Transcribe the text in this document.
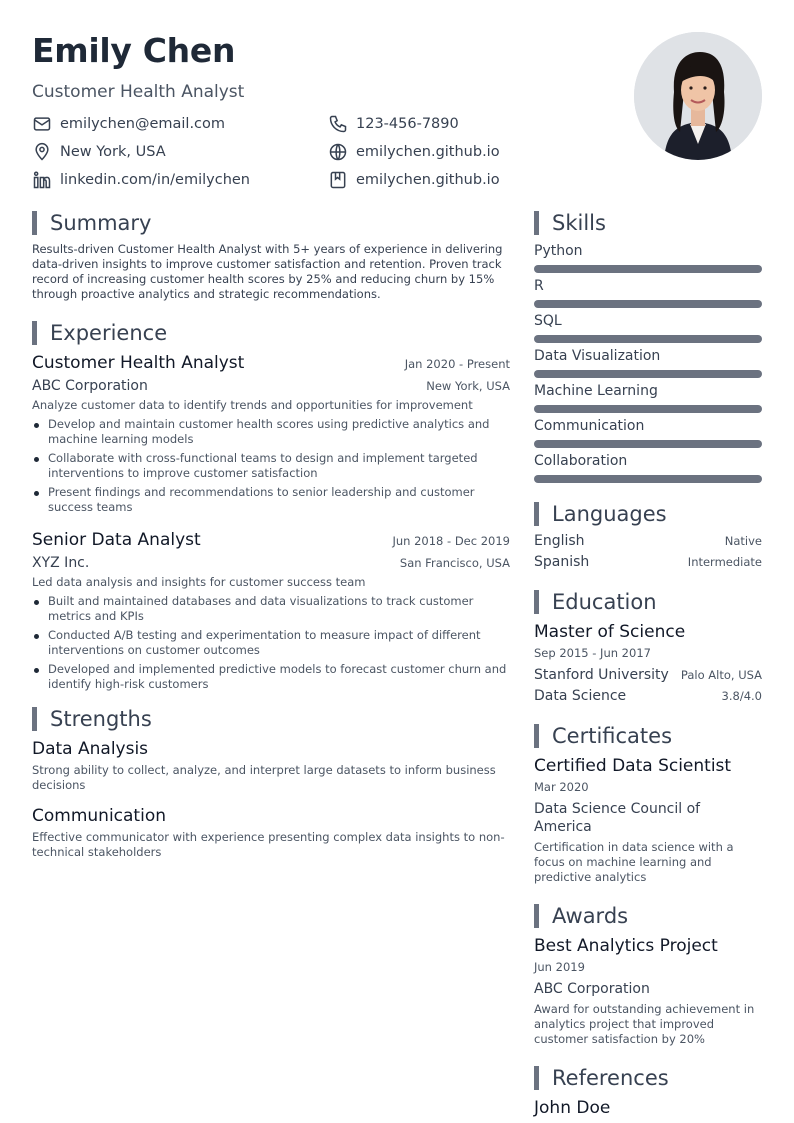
Emily Chen
Customer Health Analyst
emilychen@email.com	123-456-7890
New York, USA	emilychen.github.io
linkedin.com/in/emilychen	emilychen.github.io
Summary
Results-driven Customer Health Analyst with 5+ years of experience in delivering data-driven insights to improve customer satisfaction and retention. Proven track record of increasing customer health scores by 25% and reducing churn by 15% through proactive analytics and strategic recommendations.
Experience
Customer Health Analyst	Jan 2020 - Present
ABC Corporation	New York, USA
Analyze customer data to identify trends and opportunities for improvement
Develop and maintain customer health scores using predictive analytics and machine learning models
Collaborate with cross-functional teams to design and implement targeted interventions to improve customer satisfaction
Present findings and recommendations to senior leadership and customer success teams
Senior Data Analyst	Jun 2018 - Dec 2019
XYZ Inc.	San Francisco, USA
Led data analysis and insights for customer success team
Built and maintained databases and data visualizations to track customer metrics and KPIs
Conducted A/B testing and experimentation to measure impact of different interventions on customer outcomes
Developed and implemented predictive models to forecast customer churn and identify high-risk customers
Strengths
Data Analysis
Strong ability to collect, analyze, and interpret large datasets to inform business decisions
Communication
Effective communicator with experience presenting complex data insights to non-technical stakeholders
Skills
Python
R
SQL
Data Visualization
Machine Learning
Communication
Collaboration
Languages
English	Native
Spanish	Intermediate
Education
Master of Science
Sep 2015 - Jun 2017
Stanford University Palo Alto, USA
Data Science	3.8/4.0
Certificates
Certified Data Scientist
Mar 2020
Data Science Council of America
Certification in data science with a focus on machine learning and predictive analytics
Awards
Best Analytics Project
Jun 2019
ABC Corporation
Award for outstanding achievement in analytics project that improved customer satisfaction by 20%
References
John Doe
